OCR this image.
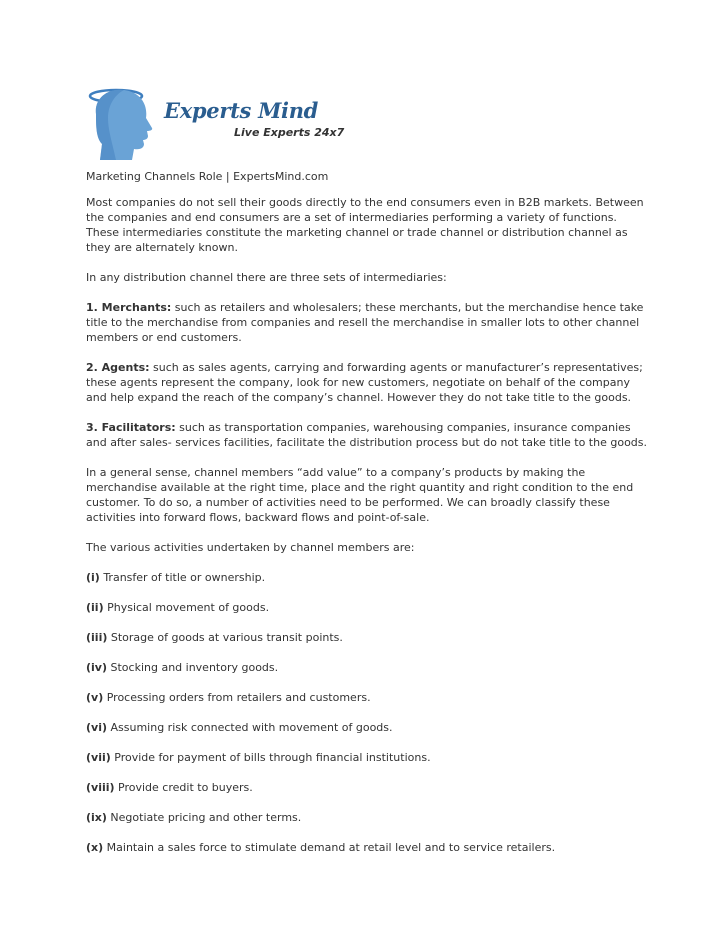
Experts Mind
Live Experts 24x7

Marketing Channels Role | ExpertsMind.com

Most companies do not sell their goods directly to the end consumers even in B2B markets. Between the companies and end consumers are a set of intermediaries performing a variety of functions. These intermediaries constitute the marketing channel or trade channel or distribution channel as they are alternately known.

In any distribution channel there are three sets of intermediaries:

1. Merchants: such as retailers and wholesalers; these merchants, but the merchandise hence take title to the merchandise from companies and resell the merchandise in smaller lots to other channel members or end customers.

2. Agents: such as sales agents, carrying and forwarding agents or manufacturer’s representatives; these agents represent the company, look for new customers, negotiate on behalf of the company and help expand the reach of the company’s channel. However they do not take title to the goods.

3. Facilitators: such as transportation companies, warehousing companies, insurance companies and after sales- services facilities, facilitate the distribution process but do not take title to the goods.

In a general sense, channel members “add value” to a company’s products by making the merchandise available at the right time, place and the right quantity and right condition to the end customer. To do so, a number of activities need to be performed. We can broadly classify these activities into forward flows, backward flows and point-of-sale.

The various activities undertaken by channel members are:

(i) Transfer of title or ownership.

(ii) Physical movement of goods.

(iii) Storage of goods at various transit points.

(iv) Stocking and inventory goods.

(v) Processing orders from retailers and customers.

(vi) Assuming risk connected with movement of goods.

(vii) Provide for payment of bills through financial institutions.

(viii) Provide credit to buyers.

(ix) Negotiate pricing and other terms.

(x) Maintain a sales force to stimulate demand at retail level and to service retailers.
